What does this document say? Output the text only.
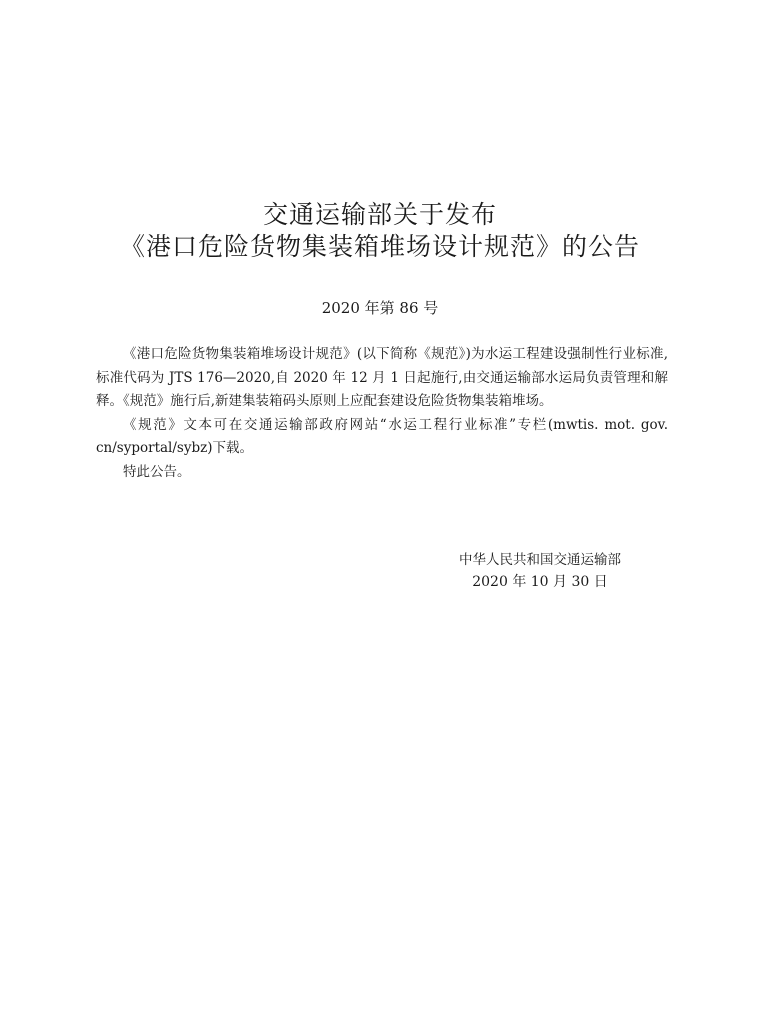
交通运输部关于发布
《港口危险货物集装箱堆场设计规范》的公告
2020 年第 86 号

《港口危险货物集装箱堆场设计规范》(以下简称《规范》)为水运工程建设强制性行业标准,标准代码为 JTS 176—2020,自 2020 年 12 月 1 日起施行,由交通运输部水运局负责管理和解释。《规范》施行后,新建集装箱码头原则上应配套建设危险货物集装箱堆场。

《规范》文本可在交通运输部政府网站“水运工程行业标准”专栏(mwtis. mot. gov. cn/syportal/sybz)下载。

特此公告。

中华人民共和国交通运输部
2020 年 10 月 30 日
